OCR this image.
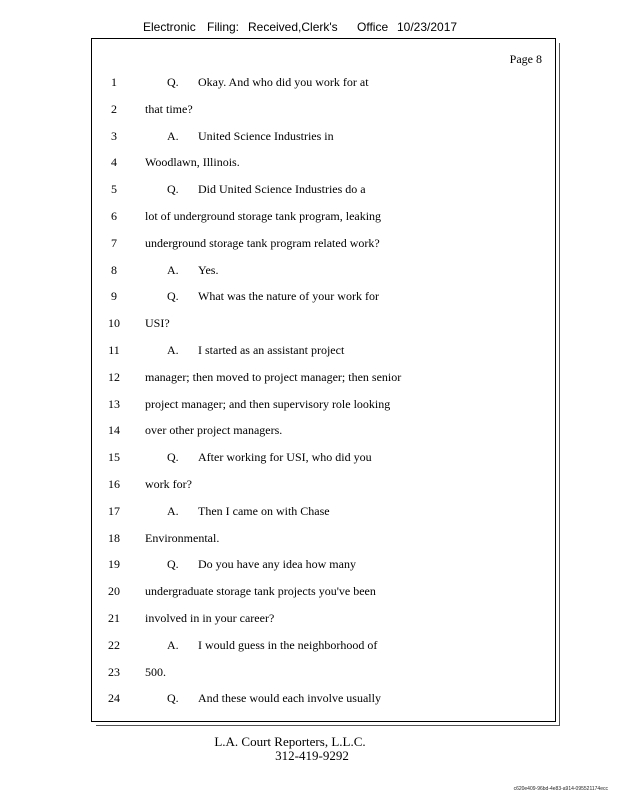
Electronic Filing: Received,Clerk's Office 10/23/2017
Page 8
1	Q. Okay. And who did you work for at
2	that time?
3	A. United Science Industries in
4	Woodlawn, Illinois.
5	Q. Did United Science Industries do a
6	lot of underground storage tank program, leaking
7	underground storage tank program related work?
8	A. Yes.
9	Q. What was the nature of your work for
10	USI?
11	A. I started as an assistant project
12	manager; then moved to project manager; then senior
13	project manager; and then supervisory role looking
14	over other project managers.
15	Q. After working for USI, who did you
16	work for?
17	A. Then I came on with Chase
18	Environmental.
19	Q. Do you have any idea how many
20	undergraduate storage tank projects you've been
21	involved in in your career?
22	A. I would guess in the neighborhood of
23	500.
24	Q. And these would each involve usually
L.A. Court Reporters, L.L.C.
312-419-9292
c620e409-96bd-4e83-a914-095521174ecc
